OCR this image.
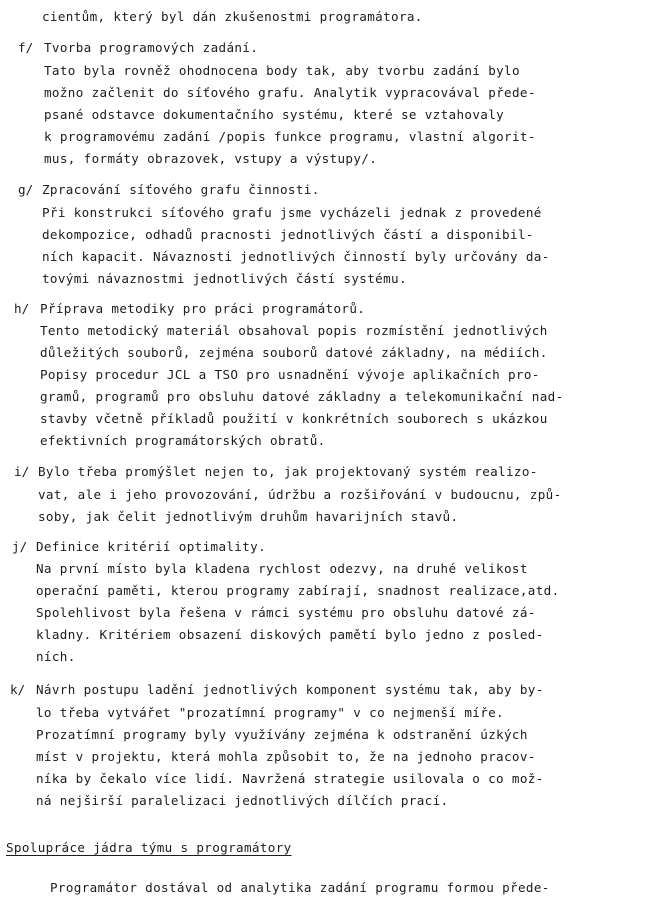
cientům, který byl dán zkušenostmi programátora.
f/ Tvorba programových zadání.
Tato byla rovněž ohodnocena body tak, aby tvorbu zadání bylo
možno začlenit do síťového grafu. Analytik vypracovával přede-
psané odstavce dokumentačního systému, které se vztahovaly
k programovému zadání /popis funkce programu, vlastní algorit-
mus, formáty obrazovek, vstupy a výstupy/.
g/ Zpracování síťového grafu činnosti.
Při konstrukci síťového grafu jsme vycházeli jednak z provedené
dekompozice, odhadů pracnosti jednotlivých částí a disponibil-
ních kapacit. Návaznosti jednotlivých činností byly určovány da-
tovými návaznostmi jednotlivých částí systému.
h/ Příprava metodiky pro práci programátorů.
Tento metodický materiál obsahoval popis rozmístění jednotlivých
důležitých souborů, zejména souborů datové základny, na médiích.
Popisy procedur JCL a TSO pro usnadnění vývoje aplikačních pro-
gramů, programů pro obsluhu datové základny a telekomunikační nad-
stavby včetně příkladů použití v konkrétních souborech s ukázkou
efektivních programátorských obratů.
i/ Bylo třeba promýšlet nejen to, jak projektovaný systém realizo-
vat, ale i jeho provozování, údržbu a rozšiřování v budoucnu, způ-
soby, jak čelit jednotlivým druhům havarijních stavů.
j/ Definice kritérií optimality.
Na první místo byla kladena rychlost odezvy, na druhé velikost
operační paměti, kterou programy zabírají, snadnost realizace,atd.
Spolehlivost byla řešena v rámci systému pro obsluhu datové zá-
kladny. Kritériem obsazení diskových pamětí bylo jedno z posled-
ních.
k/ Návrh postupu ladění jednotlivých komponent systému tak, aby by-
lo třeba vytvářet "prozatímní programy" v co nejmenší míře.
Prozatímní programy byly využívány zejména k odstranění úzkých
míst v projektu, která mohla způsobit to, že na jednoho pracov-
níka by čekalo více lidí. Navržená strategie usilovala o co mož-
ná nejširší paralelizaci jednotlivých dílčích prací.
Spolupráce jádra týmu s programátory
Programátor dostával od analytika zadání programu formou přede-
